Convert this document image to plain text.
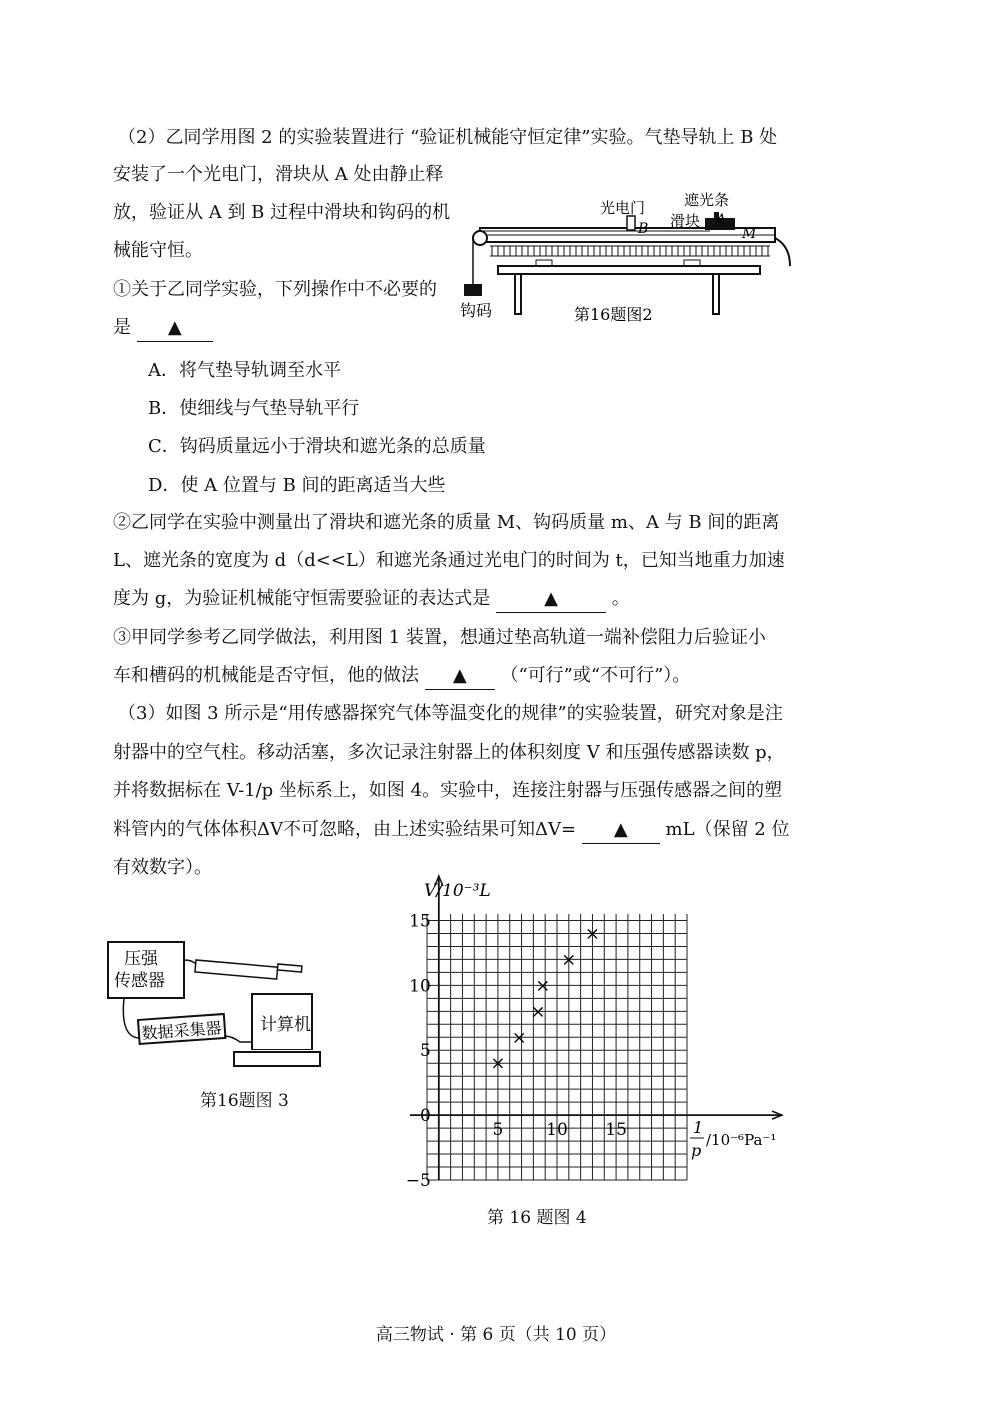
（2）乙同学用图 2 的实验装置进行 “验证机械能守恒定律”实验。气垫导轨上 B 处
安装了一个光电门，滑块从 A 处由静止释
放，验证从 A 到 B 过程中滑块和钩码的机
械能守恒。
①关于乙同学实验，下列操作中不必要的
是 ▲
A．将气垫导轨调至水平
B．使细线与气垫导轨平行
C．钩码质量远小于滑块和遮光条的总质量
D．使 A 位置与 B 间的距离适当大些
②乙同学在实验中测量出了滑块和遮光条的质量 M、钩码质量 m、A 与 B 间的距离
L、遮光条的宽度为 d（d<<L）和遮光条通过光电门的时间为 t，已知当地重力加速
度为 g，为验证机械能守恒需要验证的表达式是	▲	。
③甲同学参考乙同学做法，利用图 1 装置，想通过垫高轨道一端补偿阻力后验证小
车和槽码的机械能是否守恒，他的做法 ▲ （“可行”或“不可行”）。
光电门
B
遮光条
滑块 A
M
钩码	第16题图2
（3）如图 3 所示是“用传感器探究气体等温变化的规律”的实验装置，研究对象是注
射器中的空气柱。移动活塞，多次记录注射器上的体积刻度 V 和压强传感器读数 p，
并将数据标在 V-1/p 坐标系上，如图 4。实验中，连接注射器与压强传感器之间的塑
料管内的气体体积ΔV不可忽略，由上述实验结果可知ΔV= ▲ mL（保留 2 位
有效数字）。
压强
传感器
数据采集器 计算机
第16题图 3
15
10
5
0
−5
5	10 15
×
×
×
×
×
×
V/10⁻³L
1
p
/10⁻⁶Pa⁻¹
第 16 题图 4
高三物试 · 第 6 页（共 10 页）
